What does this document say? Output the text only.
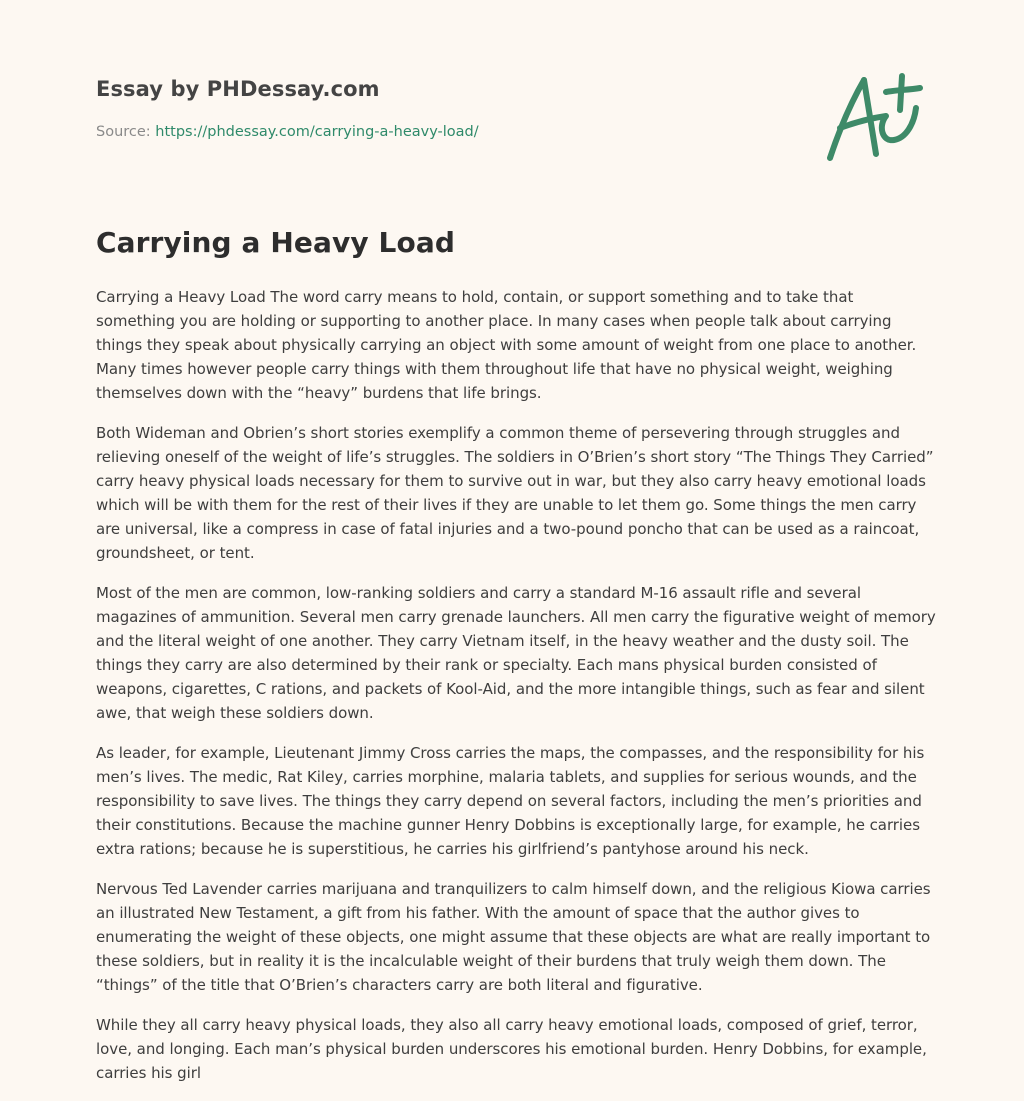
Essay by PHDessay.com

Source: https://phdessay.com/carrying-a-heavy-load/

Carrying a Heavy Load

Carrying a Heavy Load The word carry means to hold, contain, or support something and to take that something you are holding or supporting to another place. In many cases when people talk about carrying things they speak about physically carrying an object with some amount of weight from one place to another. Many times however people carry things with them throughout life that have no physical weight, weighing themselves down with the “heavy” burdens that life brings.

Both Wideman and Obrien’s short stories exemplify a common theme of persevering through struggles and relieving oneself of the weight of life’s struggles. The soldiers in O’Brien’s short story “The Things They Carried” carry heavy physical loads necessary for them to survive out in war, but they also carry heavy emotional loads which will be with them for the rest of their lives if they are unable to let them go. Some things the men carry are universal, like a compress in case of fatal injuries and a two-pound poncho that can be used as a raincoat, groundsheet, or tent.

Most of the men are common, low-ranking soldiers and carry a standard M-16 assault rifle and several magazines of ammunition. Several men carry grenade launchers. All men carry the figurative weight of memory and the literal weight of one another. They carry Vietnam itself, in the heavy weather and the dusty soil. The things they carry are also determined by their rank or specialty. Each mans physical burden consisted of weapons, cigarettes, C rations, and packets of Kool-Aid, and the more intangible things, such as fear and silent awe, that weigh these soldiers down.

As leader, for example, Lieutenant Jimmy Cross carries the maps, the compasses, and the responsibility for his men’s lives. The medic, Rat Kiley, carries morphine, malaria tablets, and supplies for serious wounds, and the responsibility to save lives. The things they carry depend on several factors, including the men’s priorities and their constitutions. Because the machine gunner Henry Dobbins is exceptionally large, for example, he carries extra rations; because he is superstitious, he carries his girlfriend’s pantyhose around his neck.

Nervous Ted Lavender carries marijuana and tranquilizers to calm himself down, and the religious Kiowa carries an illustrated New Testament, a gift from his father. With the amount of space that the author gives to enumerating the weight of these objects, one might assume that these objects are what are really important to these soldiers, but in reality it is the incalculable weight of their burdens that truly weigh them down. The “things” of the title that O’Brien’s characters carry are both literal and figurative.

While they all carry heavy physical loads, they also all carry heavy emotional loads, composed of grief, terror, love, and longing. Each man’s physical burden underscores his emotional burden. Henry Dobbins, for example, carries his girl
